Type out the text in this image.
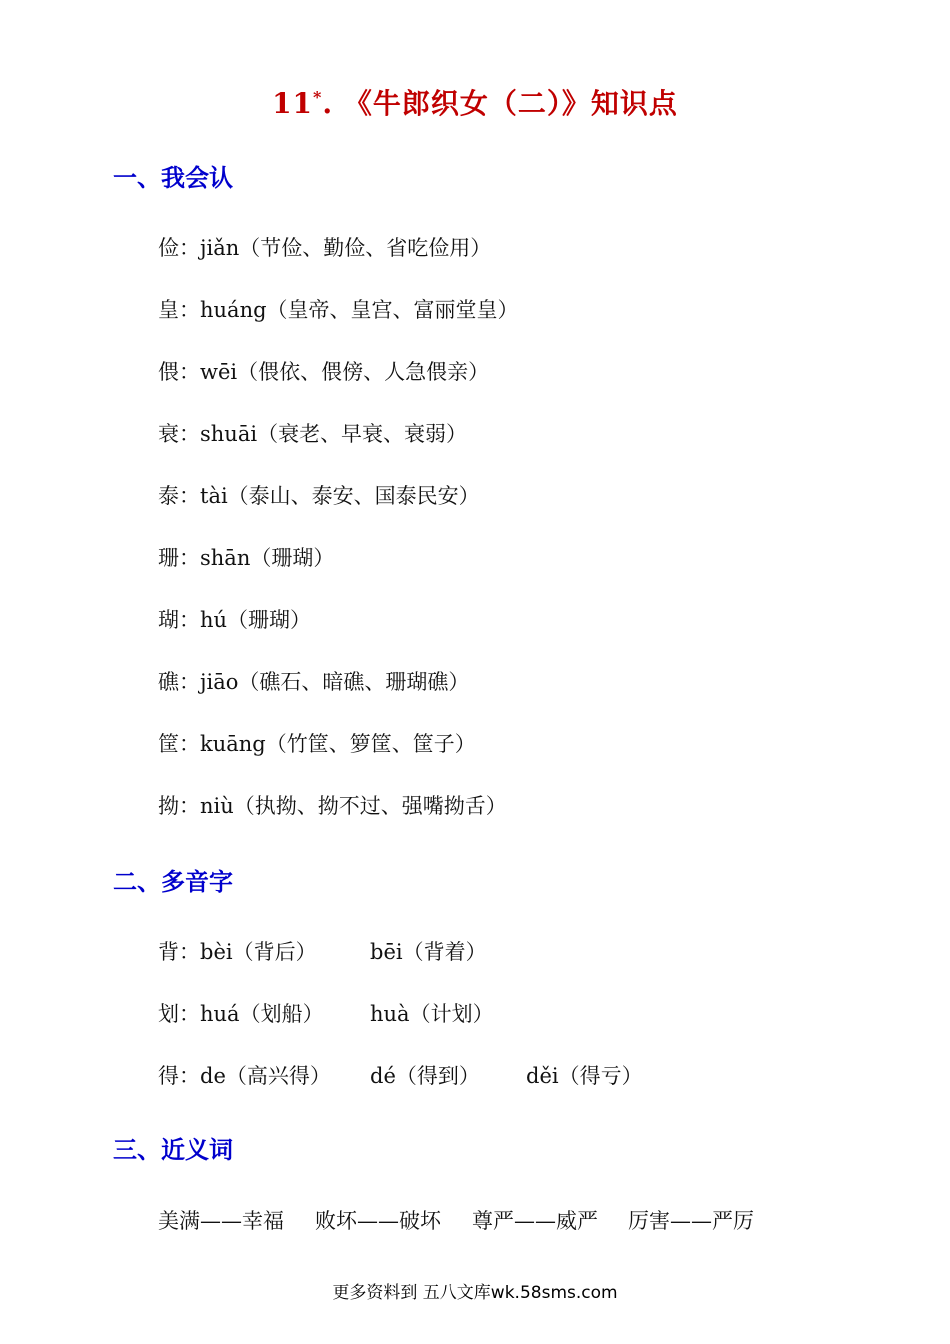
11*. 《牛郎织女（二）》知识点
一、我会认
俭：jiǎn（节俭、勤俭、省吃俭用）
皇：huáng（皇帝、皇宫、富丽堂皇）
偎：wēi（偎依、偎傍、人急偎亲）
衰：shuāi（衰老、早衰、衰弱）
泰：tài（泰山、泰安、国泰民安）
珊：shān（珊瑚）
瑚：hú（珊瑚）
礁：jiāo（礁石、暗礁、珊瑚礁）
筐：kuāng（竹筐、箩筐、筐子）
拗：niù（执拗、拗不过、强嘴拗舌）
二、多音字
背：bèi（背后）	bēi（背着）
划：huá（划船） huà（计划）
得：de（高兴得） dé（得到） děi（得亏）
三、近义词
美满——幸福 败坏——破坏 尊严——威严 厉害——严厉
更多资料到 五八文库wk.58sms.com
